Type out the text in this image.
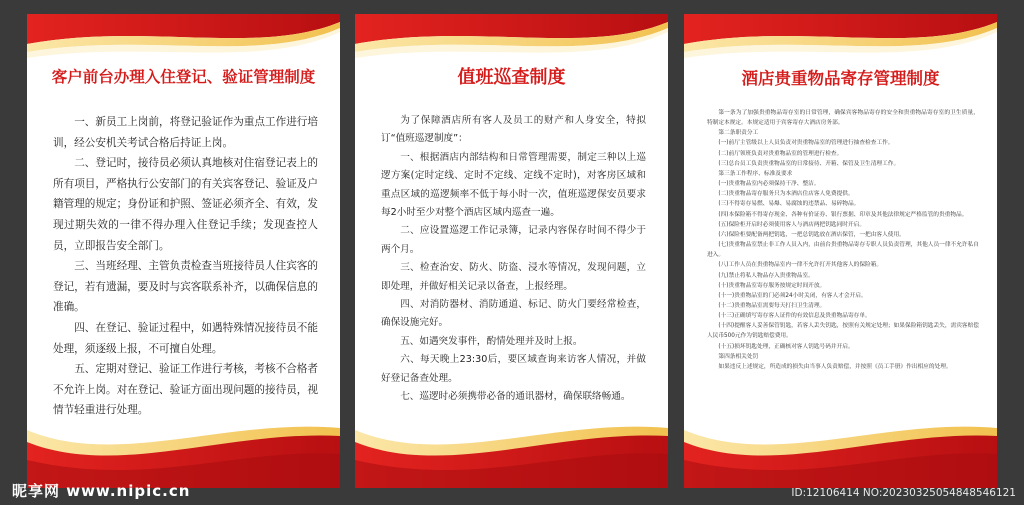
客户前台办理入住登记、验证管理制度

一、新员工上岗前，将登记验证作为重点工作进行培训，经公安机关考试合格后持证上岗。

二、登记时，接待员必须认真地核对住宿登记表上的所有项目，严格执行公安部门的有关宾客登记、验证及户籍管理的规定；身份证和护照、签证必须齐全、有效，发现过期失效的一律不得办理入住登记手续；发现查控人员，立即报告安全部门。

三、当班经理、主管负责检查当班接待员人住宾客的登记，若有遗漏，要及时与宾客联系补齐，以确保信息的准确。

四、在登记、验证过程中，如遇特殊情况接待员不能处理，须逐级上报，不可擅自处理。

五、定期对登记、验证工作进行考核，考核不合格者不允许上岗。对在登记、验证方面出现问题的接待员，视情节轻重进行处理。

值班巡查制度

为了保障酒店所有客人及员工的财产和人身安全，特拟订“值班巡逻制度”：

一、根据酒店内部结构和日常管理需要，制定三种以上巡逻方案(定时定线、定时不定线、定线不定时)，对客房区域和重点区域的巡逻频率不低于每小时一次，值班巡逻保安员要求每2小时至少对整个酒店区域内巡查一遍。

二、应设置巡逻工作记录簿，记录内容保存时间不得少于两个月。

三、检查治安、防火、防盗、浸水等情况，发现问题，立即处理，并做好相关记录以备查，上报经理。

四、对消防器材、消防通道、标记、防火门要经常检查，确保设施完好。

五、如遇突发事件，酌情处理并及时上报。

六、每天晚上23:30后，要区域查询来访客人情况，并做好登记备查处理。

七、巡逻时必须携带必备的通讯器材，确保联络畅通。

酒店贵重物品寄存管理制度

第一条为了加强贵重物品寄存室的日常管理，确保宾客物品寄存的安全和贵重物品寄存室的卫生质量，特制定本规定。本规定适用于宾客寄存大酒店房务部。

第二条职责分工

(一)前厅主管级以上人员负责对贵重物品室的管理进行抽查检查工作。

(二)前厅领班负责对贵重物品室的管理进行检查。

(三)总台员工负责贵重物品室的日常接待、开箱、保管及卫生清理工作。

第三条工作程序、标准及要求

(一)贵重物品室内必须保持干净、整洁。

(二)贵重物品寄存服务只为本酒店住店客人免费提供。

(三)不得寄存易燃、易爆、易腐蚀的违禁品、易碎物品。

(四)本保险箱不得寄存现金、各种有价证券、银行票据、印章及其他法律规定严格监管的贵重物品。

(五)保险柜开启时必须使用客人与酒店两把钥匙同时开启。

(六)保险柜要配备两把钥匙，一把总钥匙放在酒店保管，一把由客人使用。

(七)贵重物品室禁止非工作人员入内，由前台贵重物品寄存专职人员负责管理，其他人员一律不允许私自进入。

(八)工作人员在贵重物品室内一律不允许打开其他客人的保险箱。

(九)禁止将私人物品存入贵重物品室。

(十)贵重物品室寄存服务按规定时间开放。

(十一)贵重物品室的门必须24小时关闭，有客人才会开启。

(十二)贵重物品室需要每天打扫卫生清理。

(十三)正确填写寄存客人证件的有效信息及贵重物品寄存单。

(十四)提醒客人妥善保管钥匙，若客人丢失钥匙，按照有关规定处理；如果保险箱钥匙丢失，需宾客赔偿人民币500元作为钥匙赔偿费用。

(十五)损坏钥匙处理，正确核对客人钥匙号码并开启。

第四条相关处罚

如果违反上述规定，所造成的损失由当事人负责赔偿，并按照《员工手册》作出相应的处理。

昵享网 www.nipic.cn	ID:12106414 NO:20230325054848546121
